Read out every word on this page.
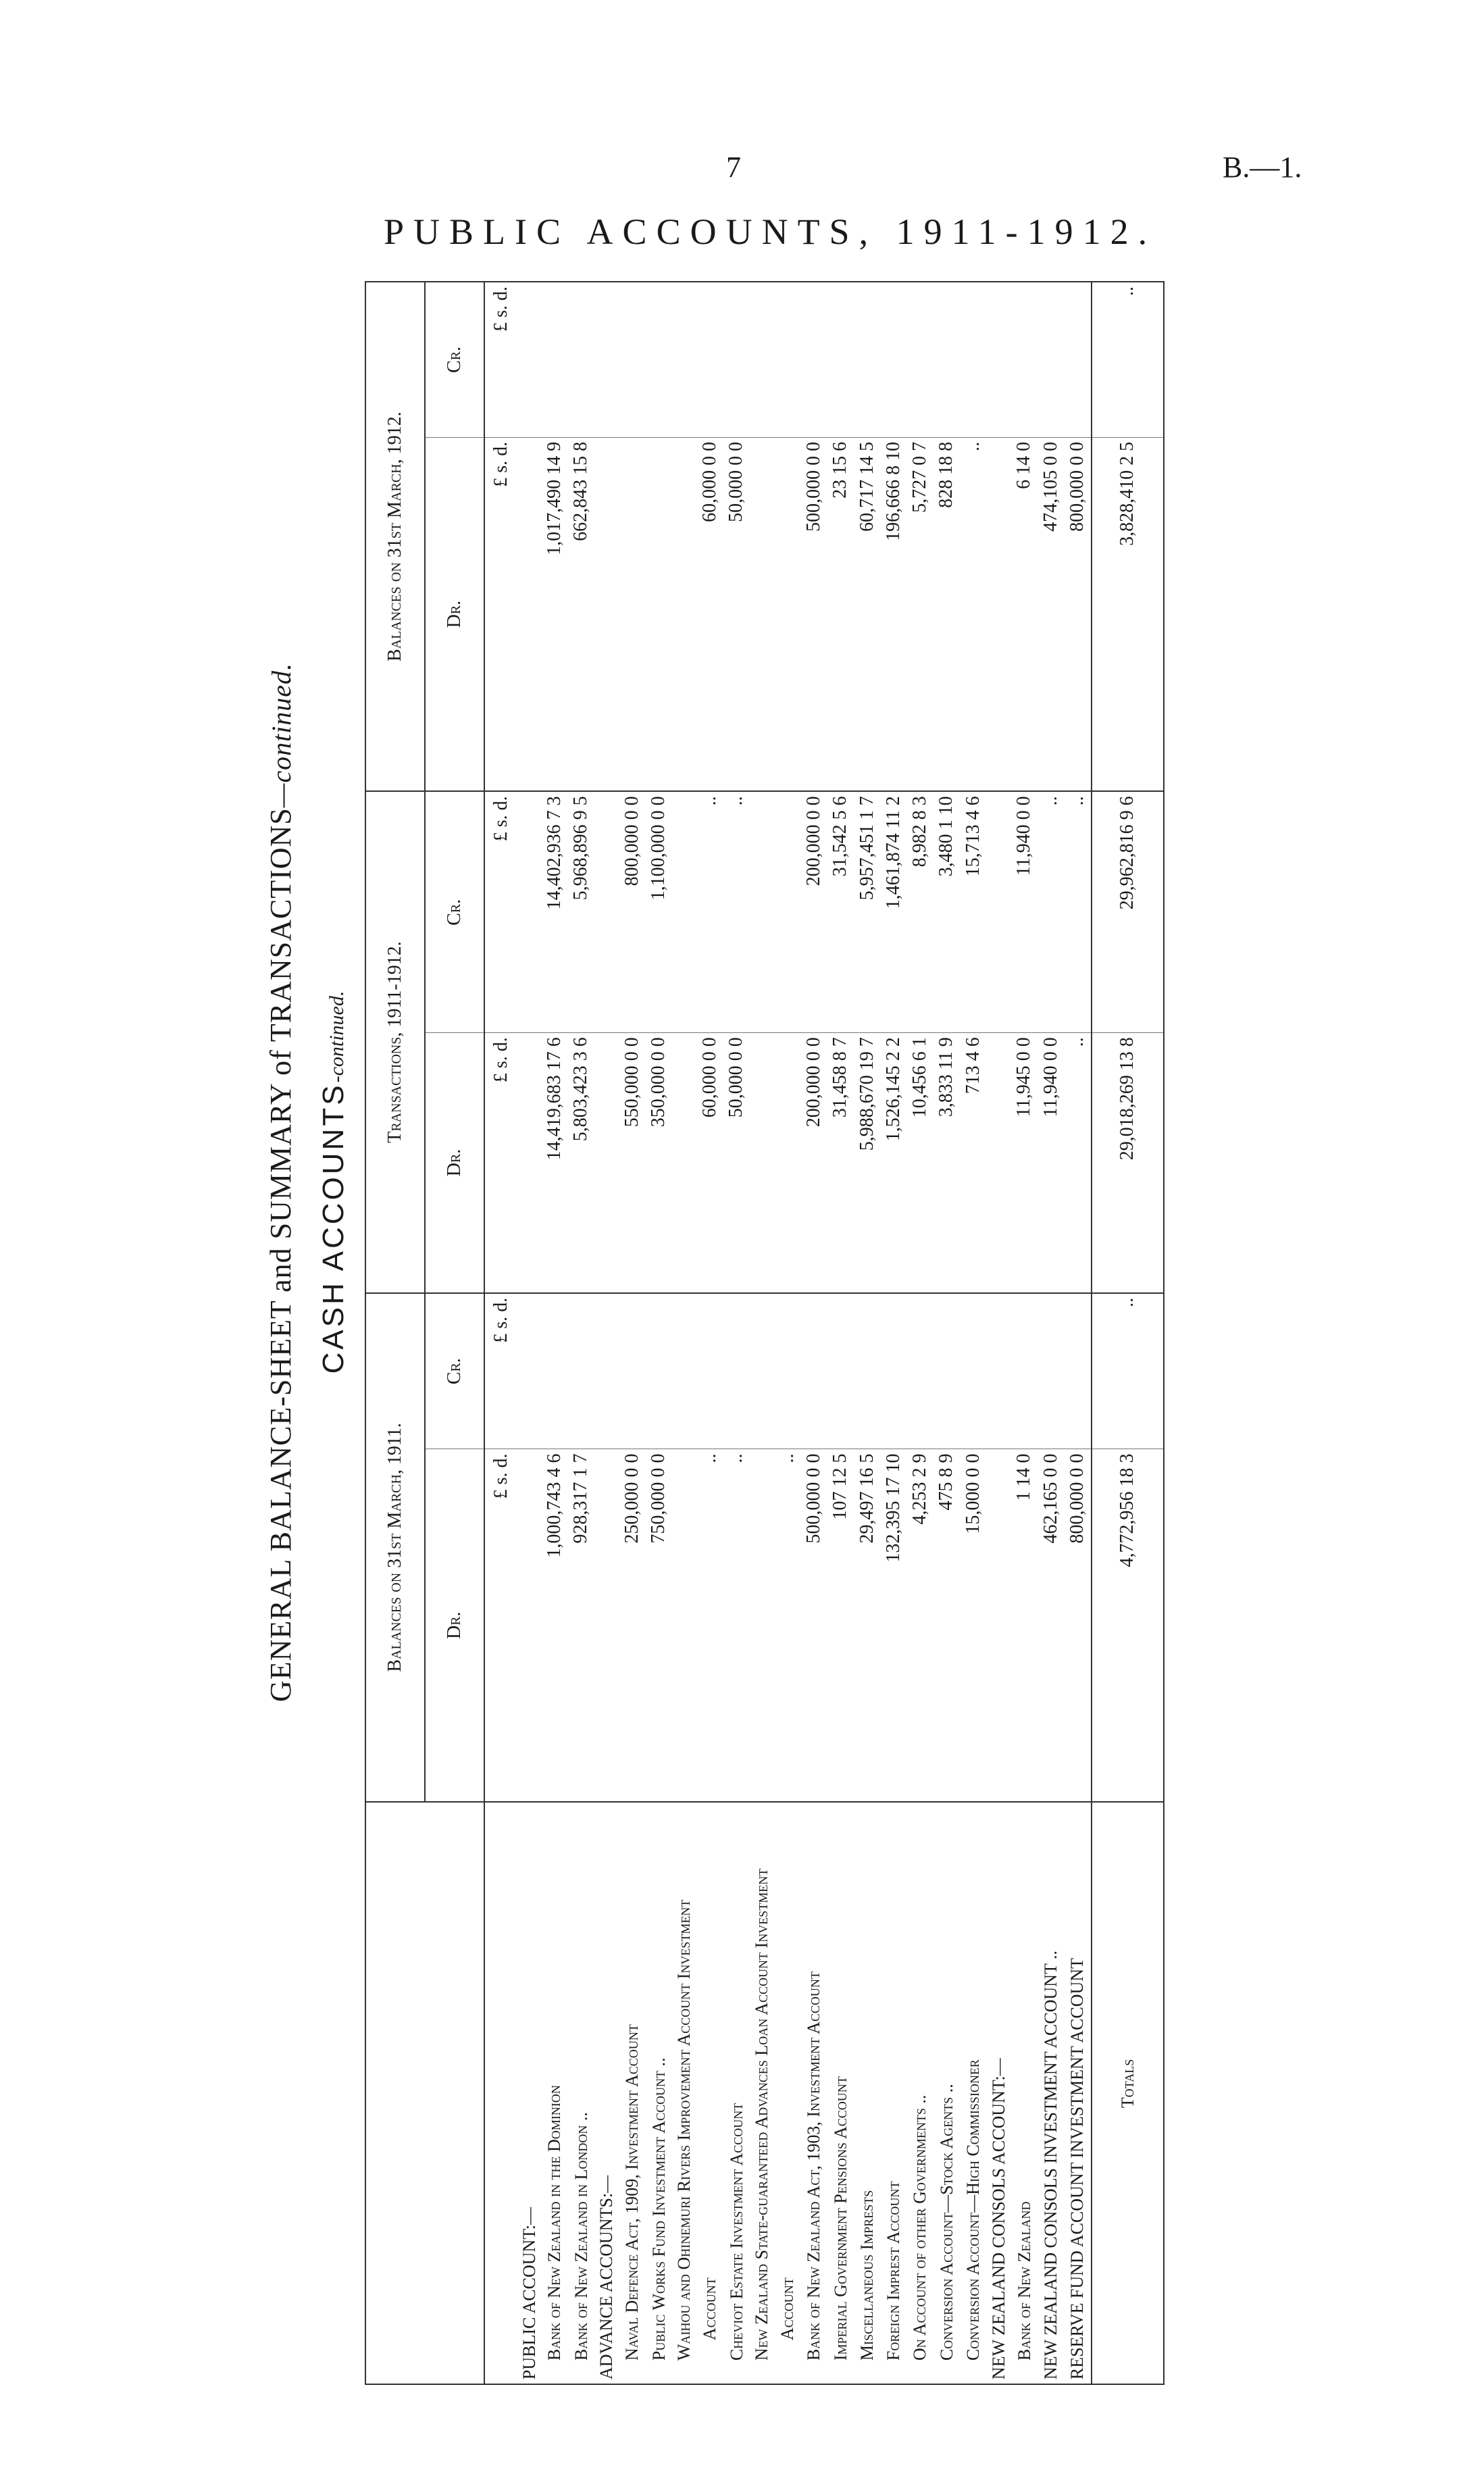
7	B.—1.
PUBLIC ACCOUNTS, 1911-1912.
GENERAL BALANCE-SHEET and SUMMARY of TRANSACTIONS—continued.
CASH ACCOUNTS-continued.
	Balances on 31st March, 1911.		Transactions, 1911-1912.		Balances on 31st March, 1912.	
	Dr.	Cr.	Dr.	Cr.	Dr.	Cr.
	£ s. d.	£ s. d.	£ s. d.	£ s. d.	£ s. d.	£ s. d.
PUBLIC ACCOUNT:—						
Bank of New Zealand in the Dominion	1,000,743 4 6		14,419,683 17 6	14,402,936 7 3	1,017,490 14 9	
Bank of New Zealand in London ..	928,317 1 7		5,803,423 3 6	5,968,896 9 5	662,843 15 8	
ADVANCE ACCOUNTS:—						
Naval Defence Act, 1909, Investment Account	250,000 0 0		550,000 0 0	800,000 0 0		
Public Works Fund Investment Account ..	750,000 0 0		350,000 0 0	1,100,000 0 0		
Waihou and Ohinemuri Rivers Improvement Account Investment						
Account	..		60,000 0 0	..	60,000 0 0	
Cheviot Estate Investment Account	..		50,000 0 0	..	50,000 0 0	
New Zealand State-guaranteed Advances Loan Account Investment						
Account	..					
Bank of New Zealand Act, 1903, Investment Account	500,000 0 0		200,000 0 0	200,000 0 0	500,000 0 0	
Imperial Government Pensions Account	107 12 5		31,458 8 7	31,542 5 6	23 15 6	
Miscellaneous Imprests	29,497 16 5		5,988,670 19 7	5,957,451 1 7	60,717 14 5	
Foreign Imprest Account	132,395 17 10		1,526,145 2 2	1,461,874 11 2	196,666 8 10	
On Account of other Governments ..	4,253 2 9		10,456 6 1	8,982 8 3	5,727 0 7	
Conversion Account—Stock Agents ..	475 8 9		3,833 11 9	3,480 1 10	828 18 8	
Conversion Account—High Commissioner	15,000 0 0		713 4 6	15,713 4 6	..	
NEW ZEALAND CONSOLS ACCOUNT:—						
Bank of New Zealand	1 14 0		11,945 0 0	11,940 0 0	6 14 0	
NEW ZEALAND CONSOLS INVESTMENT ACCOUNT ..	462,165 0 0		11,940 0 0	..	474,105 0 0	
RESERVE FUND ACCOUNT INVESTMENT ACCOUNT	800,000 0 0		..	..	800,000 0 0	
Totals	4,772,956 18 3	..	29,018,269 13 8	29,962,816 9 6	3,828,410 2 5	..
